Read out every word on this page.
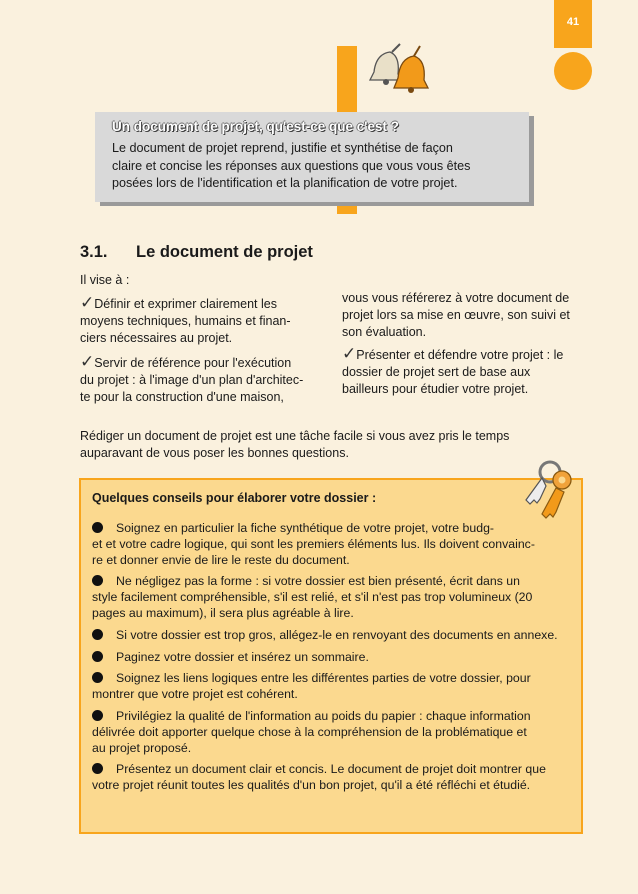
41
Un document de projet, qu'est-ce que c'est ?
Le document de projet reprend, justifie et synthétise de façon
claire et concise les réponses aux questions que vous vous êtes
posées lors de l'identification et la planification de votre projet.
3.1. Le document de projet
Il vise à :

✓Définir et exprimer clairement les

moyens techniques, humains et finan-

ciers nécessaires au projet.

✓Servir de référence pour l'exécution

du projet : à l'image d'un plan d'architec-

te pour la construction d'une maison,

vous vous référerez à votre document de

projet lors sa mise en œuvre, son suivi et

son évaluation.

✓Présenter et défendre votre projet : le

dossier de projet sert de base aux

bailleurs pour étudier votre projet.

Rédiger un document de projet est une tâche facile si vous avez pris le temps
auparavant de vous poser les bonnes questions.
Quelques conseils pour élaborer votre dossier :
Soignez en particulier la fiche synthétique de votre projet, votre budg-
et et votre cadre logique, qui sont les premiers éléments lus. Ils doivent convainc-
re et donner envie de lire le reste du document.
Ne négligez pas la forme : si votre dossier est bien présenté, écrit dans un
style facilement compréhensible, s'il est relié, et s'il n'est pas trop volumineux (20
pages au maximum), il sera plus agréable à lire.
Si votre dossier est trop gros, allégez-le en renvoyant des documents en annexe.
Paginez votre dossier et insérez un sommaire.
Soignez les liens logiques entre les différentes parties de votre dossier, pour
montrer que votre projet est cohérent.
Privilégiez la qualité de l'information au poids du papier : chaque information
délivrée doit apporter quelque chose à la compréhension de la problématique et
au projet proposé.
Présentez un document clair et concis. Le document de projet doit montrer que
votre projet réunit toutes les qualités d'un bon projet, qu'il a été réfléchi et étudié.
